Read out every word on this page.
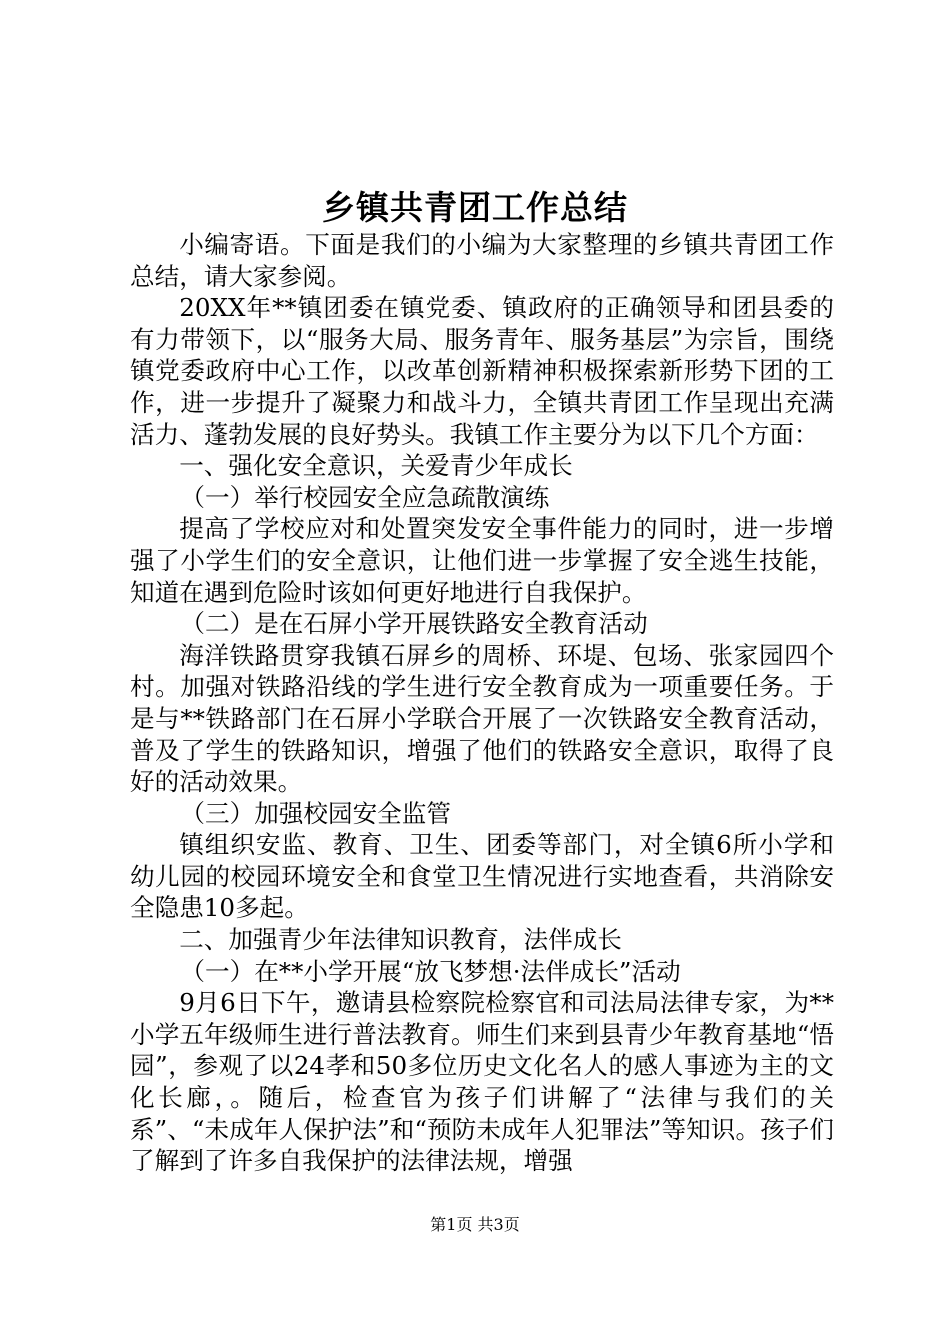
乡镇共青团工作总结

小编寄语。下面是我们的小编为大家整理的乡镇共青团工作总结，请大家参阅。

20XX年**镇团委在镇党委、镇政府的正确领导和团县委的有力带领下，以“服务大局、服务青年、服务基层”为宗旨，围绕镇党委政府中心工作，以改革创新精神积极探索新形势下团的工作，进一步提升了凝聚力和战斗力，全镇共青团工作呈现出充满活力、蓬勃发展的良好势头。我镇工作主要分为以下几个方面：

一、强化安全意识，关爱青少年成长

（一）举行校园安全应急疏散演练

提高了学校应对和处置突发安全事件能力的同时，进一步增强了小学生们的安全意识，让他们进一步掌握了安全逃生技能，知道在遇到危险时该如何更好地进行自我保护。

（二）是在石屏小学开展铁路安全教育活动

海洋铁路贯穿我镇石屏乡的周桥、环堤、包场、张家园四个村。加强对铁路沿线的学生进行安全教育成为一项重要任务。于是与**铁路部门在石屏小学联合开展了一次铁路安全教育活动，普及了学生的铁路知识，增强了他们的铁路安全意识，取得了良好的活动效果。

（三）加强校园安全监管

镇组织安监、教育、卫生、团委等部门，对全镇6所小学和幼儿园的校园环境安全和食堂卫生情况进行实地查看，共消除安全隐患10多起。

二、加强青少年法律知识教育，法伴成长

（一）在**小学开展“放飞梦想·法伴成长”活动

9月6日下午，邀请县检察院检察官和司法局法律专家，为**小学五年级师生进行普法教育。师生们来到县青少年教育基地“悟园”，参观了以24孝和50多位历史文化名人的感人事迹为主的文化长廊，。随后，检查官为孩子们讲解了“法律与我们的关系”、“未成年人保护法”和“预防未成年人犯罪法”等知识。孩子们了解到了许多自我保护的法律法规，增强

第1页 共3页
